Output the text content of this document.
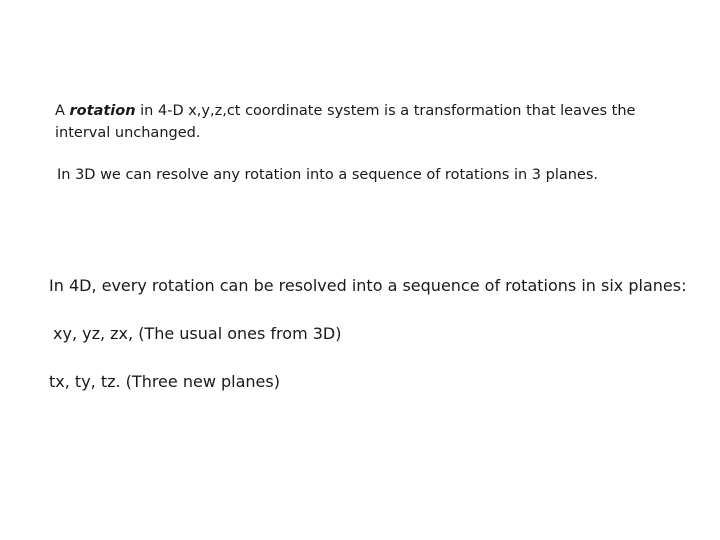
A rotation in 4-D x,y,z,ct coordinate system is a transformation that leaves the

interval unchanged.

In 3D we can resolve any rotation into a sequence of rotations in 3 planes.

In 4D, every rotation can be resolved into a sequence of rotations in six planes:

xy, yz, zx, (The usual ones from 3D)

tx, ty, tz. (Three new planes)
